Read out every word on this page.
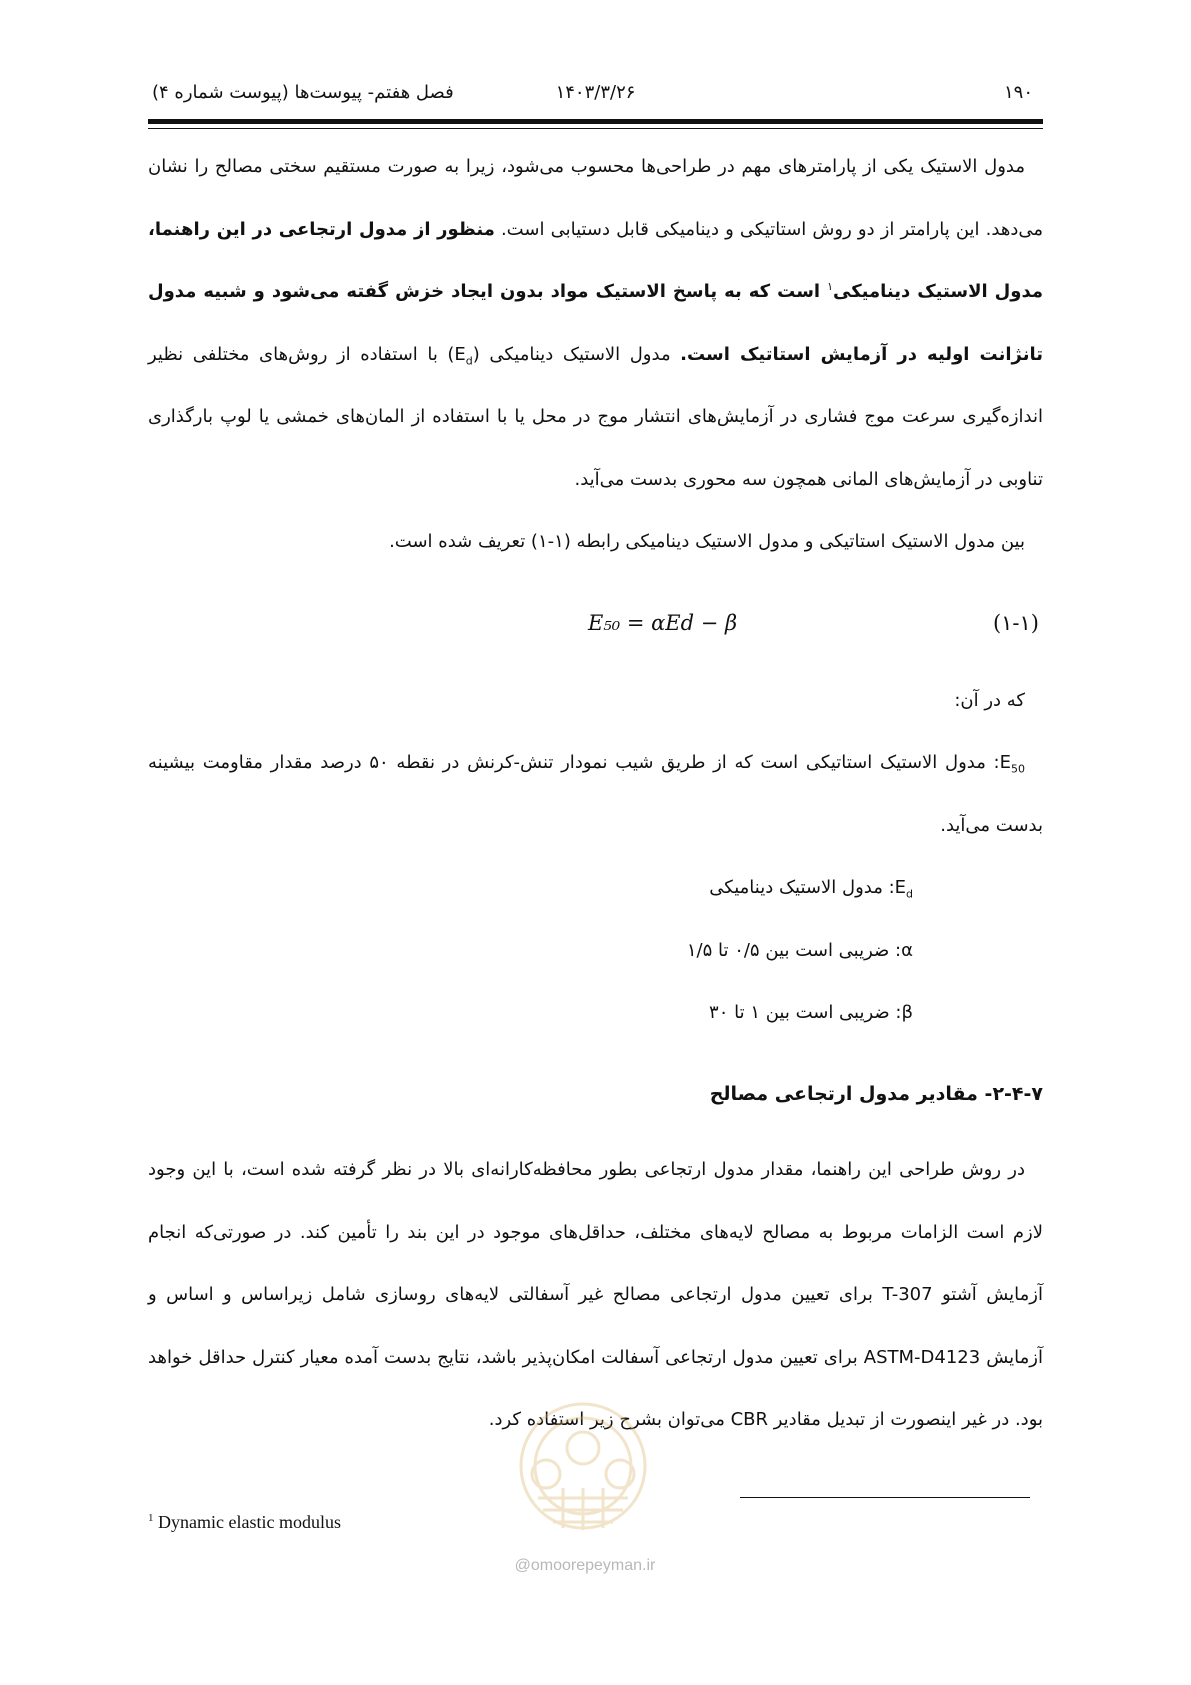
۱۹۰
۱۴۰۳/۳/۲۶
فصل هفتم- پیوست‌ها (پیوست شماره ۴)

مدول الاستیک یکی از پارامترهای مهم در طراحی‌ها محسوب می‌شود، زیرا به صورت مستقیم سختی مصالح را نشان می‌دهد. این پارامتر از دو روش استاتیکی و دینامیکی قابل دستیابی است. منظور از مدول ارتجاعی در این راهنما، مدول الاستیک دینامیکی$^۱$ است که به پاسخ الاستیک مواد بدون ایجاد خزش گفته می‌شود و شبیه مدول تانژانت اولیه در آزمایش استاتیک است. مدول الاستیک دینامیکی $(E_d)$ با استفاده از روش‌های مختلفی نظیر اندازه‌گیری سرعت موج فشاری در آزمایش‌های انتشار موج در محل یا با استفاده از المان‌های خمشی یا لوپ بارگذاری تناوبی در آزمایش‌های المانی همچون سه محوری بدست می‌آید.

بین مدول الاستیک استاتیکی و مدول الاستیک دینامیکی رابطه (۱-۱) تعریف شده است.

E₅₀ = αE𝑑 − β	(۱-۱)

که در آن:

$E_{50}$: مدول الاستیک استاتیکی است که از طریق شیب نمودار تنش-کرنش در نقطه ۵۰ درصد مقدار مقاومت بیشینه بدست می‌آید.

$E_d$: مدول الاستیک دینامیکی

α: ضریبی است بین ۰/۵ تا ۱/۵

β: ضریبی است بین ۱ تا ۳۰

۲-۴-۷- مقادیر مدول ارتجاعی مصالح

در روش طراحی این راهنما، مقدار مدول ارتجاعی بطور محافظه‌کارانه‌ای بالا در نظر گرفته شده است، با این وجود لازم است الزامات مربوط به مصالح لایه‌های مختلف، حداقل‌های موجود در این بند را تأمین کند. در صورتی‌که انجام آزمایش آشتو T-307 برای تعیین مدول ارتجاعی مصالح غیر آسفالتی لایه‌های روسازی شامل زیراساس و اساس و آزمایش ASTM-D4123 برای تعیین مدول ارتجاعی آسفالت امکان‌پذیر باشد، نتایج بدست آمده معیار کنترل حداقل خواهد بود. در غیر اینصورت از تبدیل مقادیر CBR می‌توان بشرح زیر استفاده کرد.

@omoorepeyman.ir
$^1$ Dynamic elastic modulus
